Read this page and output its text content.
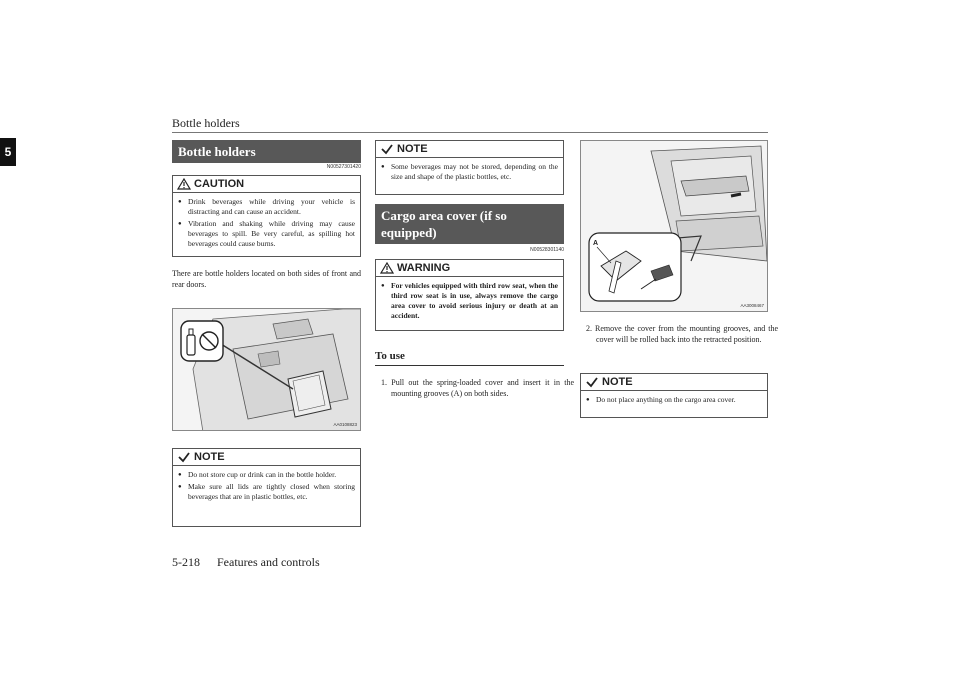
Bottle holders
5	Bottle holders
N00527301420
CAUTION
● Drink beverages while driving your vehicle is distracting and can cause an accident.
● Vibration and shaking while driving may cause beverages to spill. Be very careful, as spilling hot beverages could cause burns.
There are bottle holders located on both sides of front and rear doors.
AA0108823
NOTE
● Do not store cup or drink can in the bottle holder.
● Make sure all lids are tightly closed when storing beverages that are in plastic bottles, etc.
NOTE
● Some beverages may not be stored, depending on the size and shape of the plastic bottles, etc.
Cargo area cover (if so equipped)
N00528301140
WARNING
● For vehicles equipped with third row seat, when the third row seat is in use, always remove the cargo area cover to avoid serious injury or death at an accident.
To use
1. Pull out the spring-loaded cover and insert it in the mounting grooves (A) on both sides.
A
AA3008467
2. Remove the cover from the mounting grooves, and the cover will be rolled back into the retracted position.
NOTE
● Do not place anything on the cargo area cover.
5-218 Features and controls
